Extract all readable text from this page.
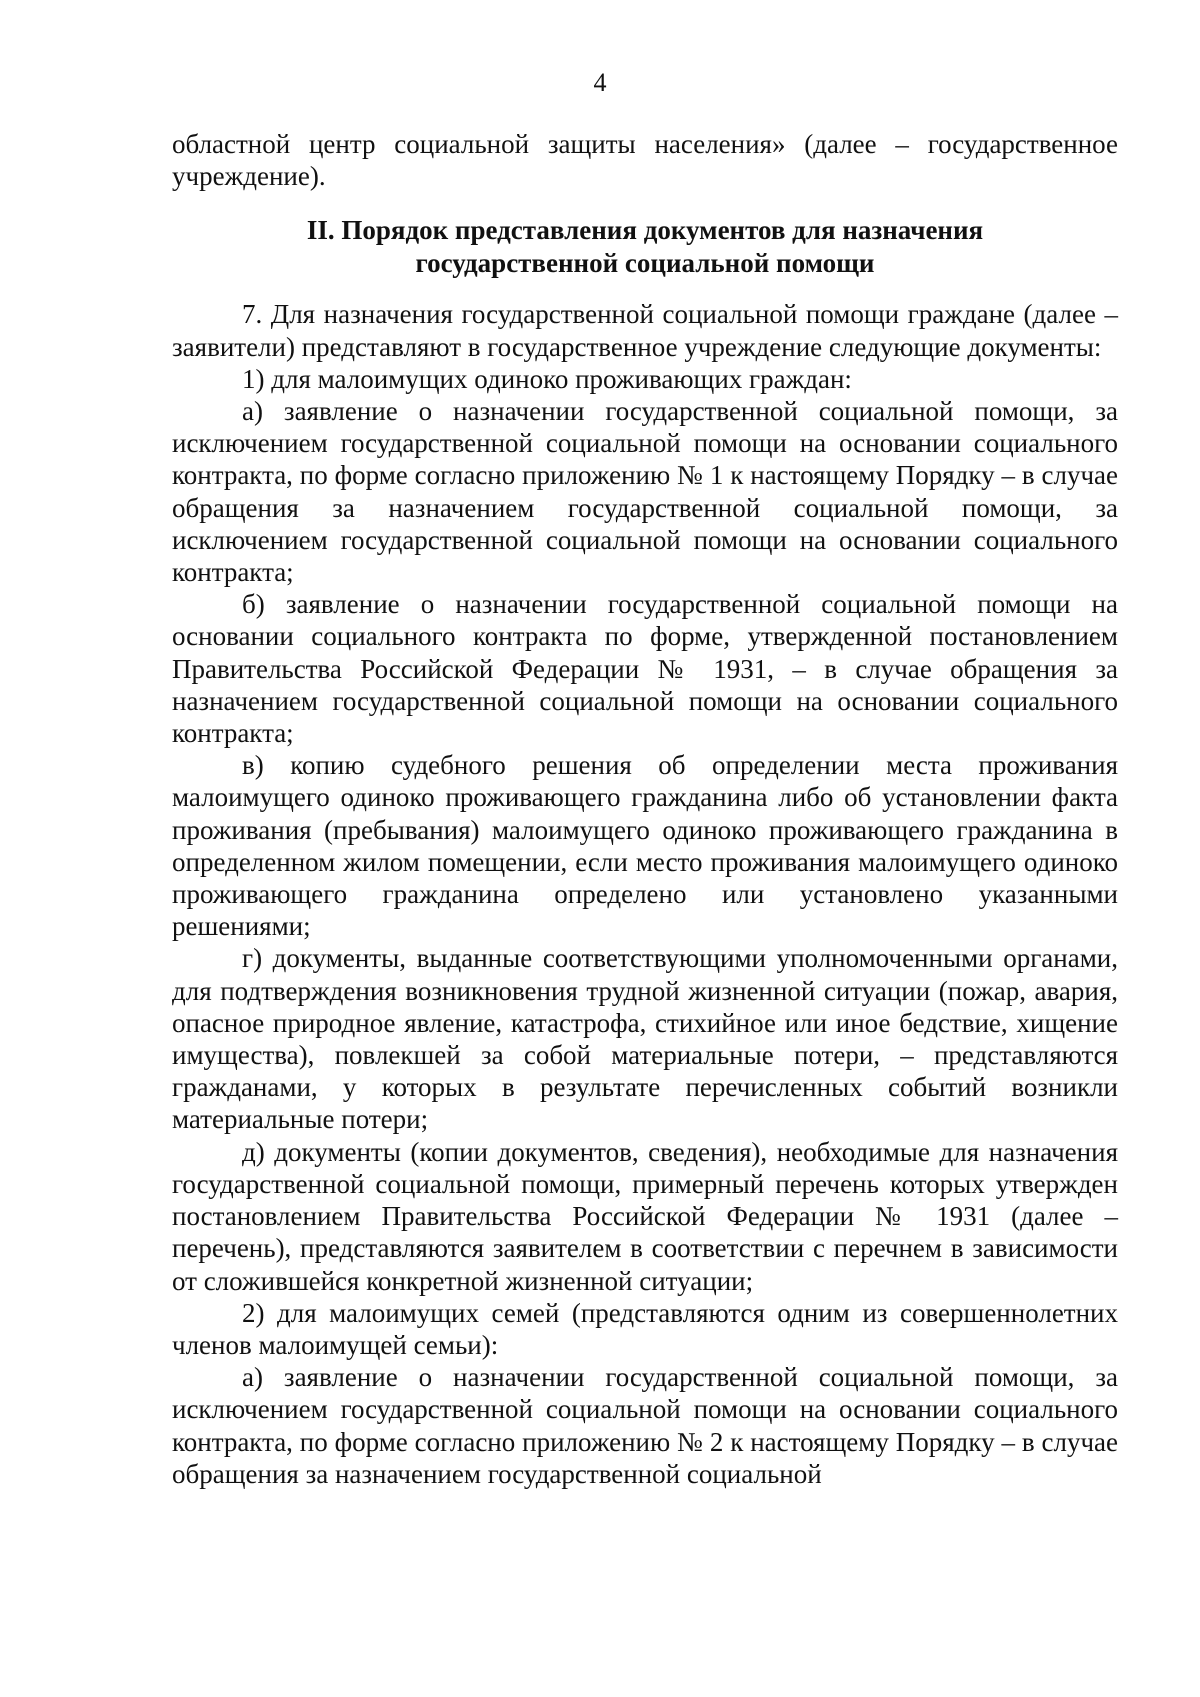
4

областной центр социальной защиты населения» (далее – государственное учреждение).

II. Порядок представления документов для назначения
государственной социальной помощи

7. Для назначения государственной социальной помощи граждане (далее – заявители) представляют в государственное учреждение следующие документы:

1) для малоимущих одиноко проживающих граждан:

а) заявление о назначении государственной социальной помощи, за исключением государственной социальной помощи на основании социального контракта, по форме согласно приложению № 1 к настоящему Порядку – в случае обращения за назначением государственной социальной помощи, за исключением государственной социальной помощи на основании социального контракта;

б) заявление о назначении государственной социальной помощи на основании социального контракта по форме, утвержденной постановлением Правительства Российской Федерации № 1931, – в случае обращения за назначением государственной социальной помощи на основании социального контракта;

в) копию судебного решения об определении места проживания малоимущего одиноко проживающего гражданина либо об установлении факта проживания (пребывания) малоимущего одиноко проживающего гражданина в определенном жилом помещении, если место проживания малоимущего одиноко проживающего гражданина определено или установлено указанными решениями;

г) документы, выданные соответствующими уполномоченными органами, для подтверждения возникновения трудной жизненной ситуации (пожар, авария, опасное природное явление, катастрофа, стихийное или иное бедствие, хищение имущества), повлекшей за собой материальные потери, – представляются гражданами, у которых в результате перечисленных событий возникли материальные потери;

д) документы (копии документов, сведения), необходимые для назначения государственной социальной помощи, примерный перечень которых утвержден постановлением Правительства Российской Федерации № 1931 (далее – перечень), представляются заявителем в соответствии с перечнем в зависимости от сложившейся конкретной жизненной ситуации;

2) для малоимущих семей (представляются одним из совершеннолетних членов малоимущей семьи):

а) заявление о назначении государственной социальной помощи, за исключением государственной социальной помощи на основании социального контракта, по форме согласно приложению № 2 к настоящему Порядку – в случае обращения за назначением государственной социальной
